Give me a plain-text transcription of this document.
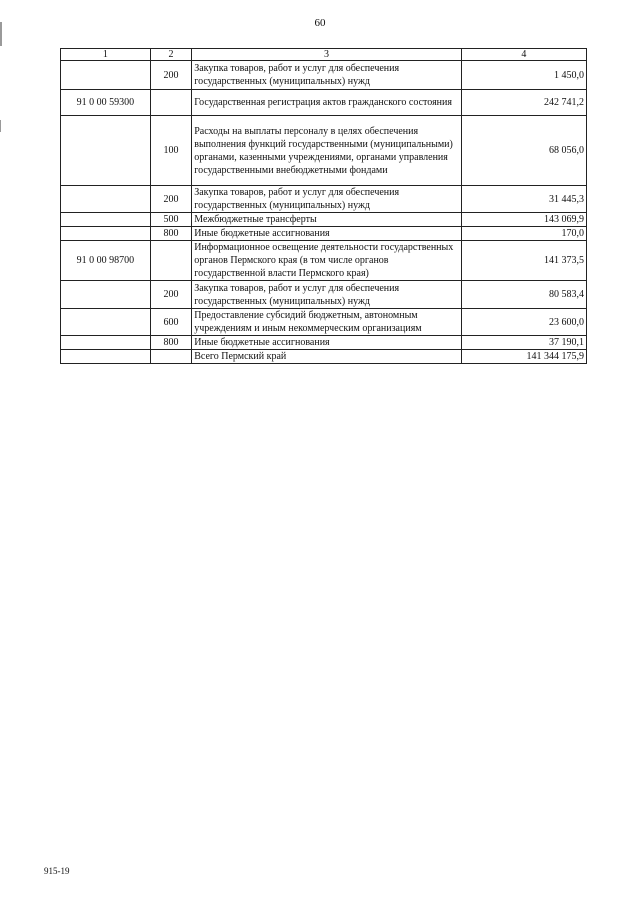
60
1	2	3	4
	200	Закупка товаров, работ и услуг для обеспечения государственных (муниципальных) нужд	1 450,0
91 0 00 59300		Государственная регистрация актов гражданского состояния	242 741,2
	100	Расходы на выплаты персоналу в целях обеспечения выполнения функций государственными (муниципальными) органами, казенными учреждениями, органами управления государственными внебюджетными фондами	68 056,0
	200	Закупка товаров, работ и услуг для обеспечения государственных (муниципальных) нужд	31 445,3
	500	Межбюджетные трансферты	143 069,9
	800	Иные бюджетные ассигнования	170,0
91 0 00 98700		Информационное освещение деятельности государственных органов Пермского края (в том числе органов государственной власти Пермского края)	141 373,5
	200	Закупка товаров, работ и услуг для обеспечения государственных (муниципальных) нужд	80 583,4
	600	Предоставление субсидий бюджетным, автономным учреждениям и иным некоммерческим организациям	23 600,0
	800	Иные бюджетные ассигнования	37 190,1
		Всего Пермский край	141 344 175,9
915-19
